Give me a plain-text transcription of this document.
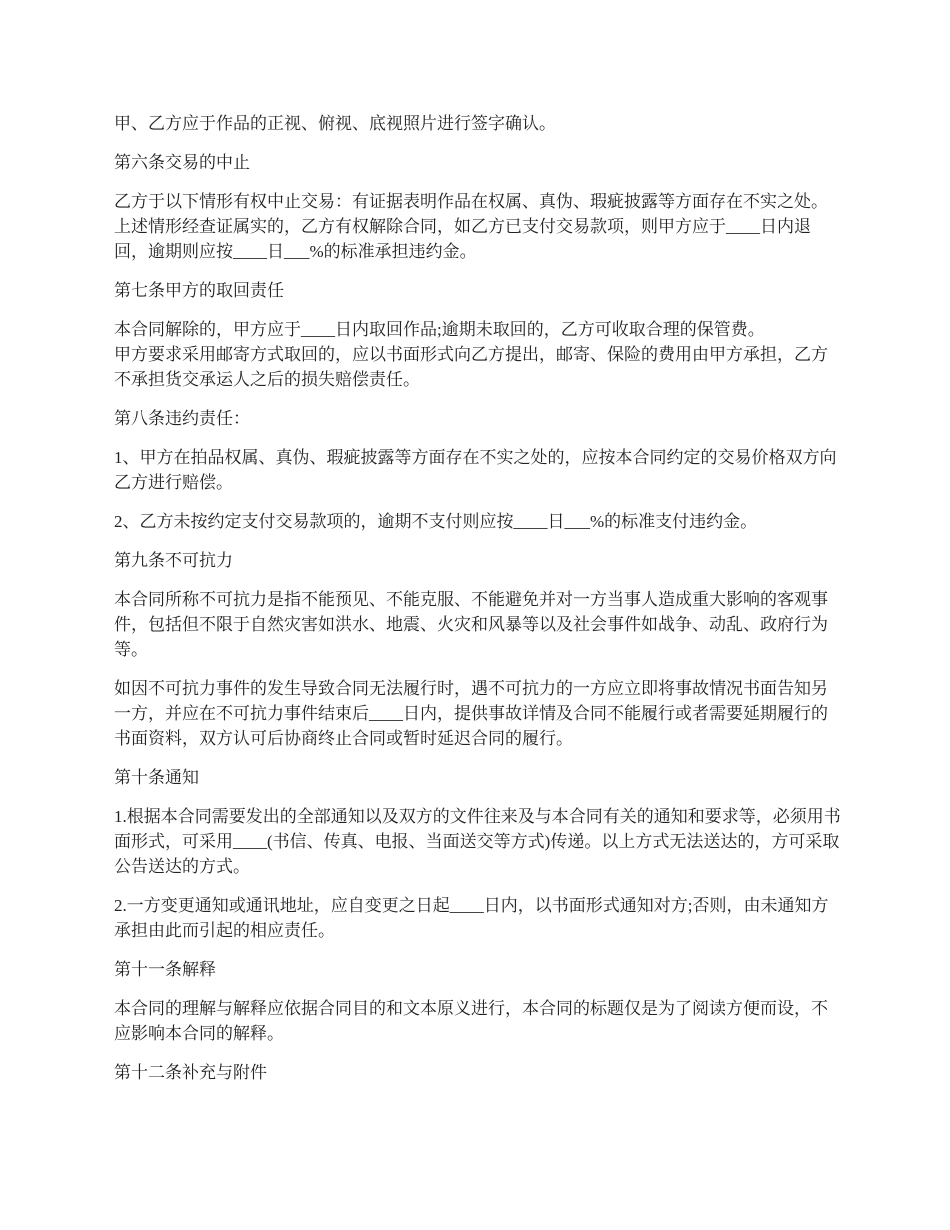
甲、乙方应于作品的正视、俯视、底视照片进行签字确认。

第六条交易的中止

乙方于以下情形有权中止交易：有证据表明作品在权属、真伪、瑕疵披露等方面存在不实之处。上述情形经查证属实的，乙方有权解除合同，如乙方已支付交易款项，则甲方应于____日内退回，逾期则应按____日___%的标准承担违约金。

第七条甲方的取回责任

本合同解除的，甲方应于____日内取回作品;逾期未取回的，乙方可收取合理的保管费。
甲方要求采用邮寄方式取回的，应以书面形式向乙方提出，邮寄、保险的费用由甲方承担，乙方不承担货交承运人之后的损失赔偿责任。

第八条违约责任：

1、甲方在拍品权属、真伪、瑕疵披露等方面存在不实之处的，应按本合同约定的交易价格双方向乙方进行赔偿。

2、乙方未按约定支付交易款项的，逾期不支付则应按____日___%的标准支付违约金。

第九条不可抗力

本合同所称不可抗力是指不能预见、不能克服、不能避免并对一方当事人造成重大影响的客观事件，包括但不限于自然灾害如洪水、地震、火灾和风暴等以及社会事件如战争、动乱、政府行为等。

如因不可抗力事件的发生导致合同无法履行时，遇不可抗力的一方应立即将事故情况书面告知另一方，并应在不可抗力事件结束后____日内，提供事故详情及合同不能履行或者需要延期履行的书面资料，双方认可后协商终止合同或暂时延迟合同的履行。

第十条通知

1.根据本合同需要发出的全部通知以及双方的文件往来及与本合同有关的通知和要求等，必须用书面形式，可采用____(书信、传真、电报、当面送交等方式)传递。以上方式无法送达的，方可采取公告送达的方式。

2.一方变更通知或通讯地址，应自变更之日起____日内，以书面形式通知对方;否则，由未通知方承担由此而引起的相应责任。

第十一条解释

本合同的理解与解释应依据合同目的和文本原义进行，本合同的标题仅是为了阅读方便而设，不应影响本合同的解释。

第十二条补充与附件
